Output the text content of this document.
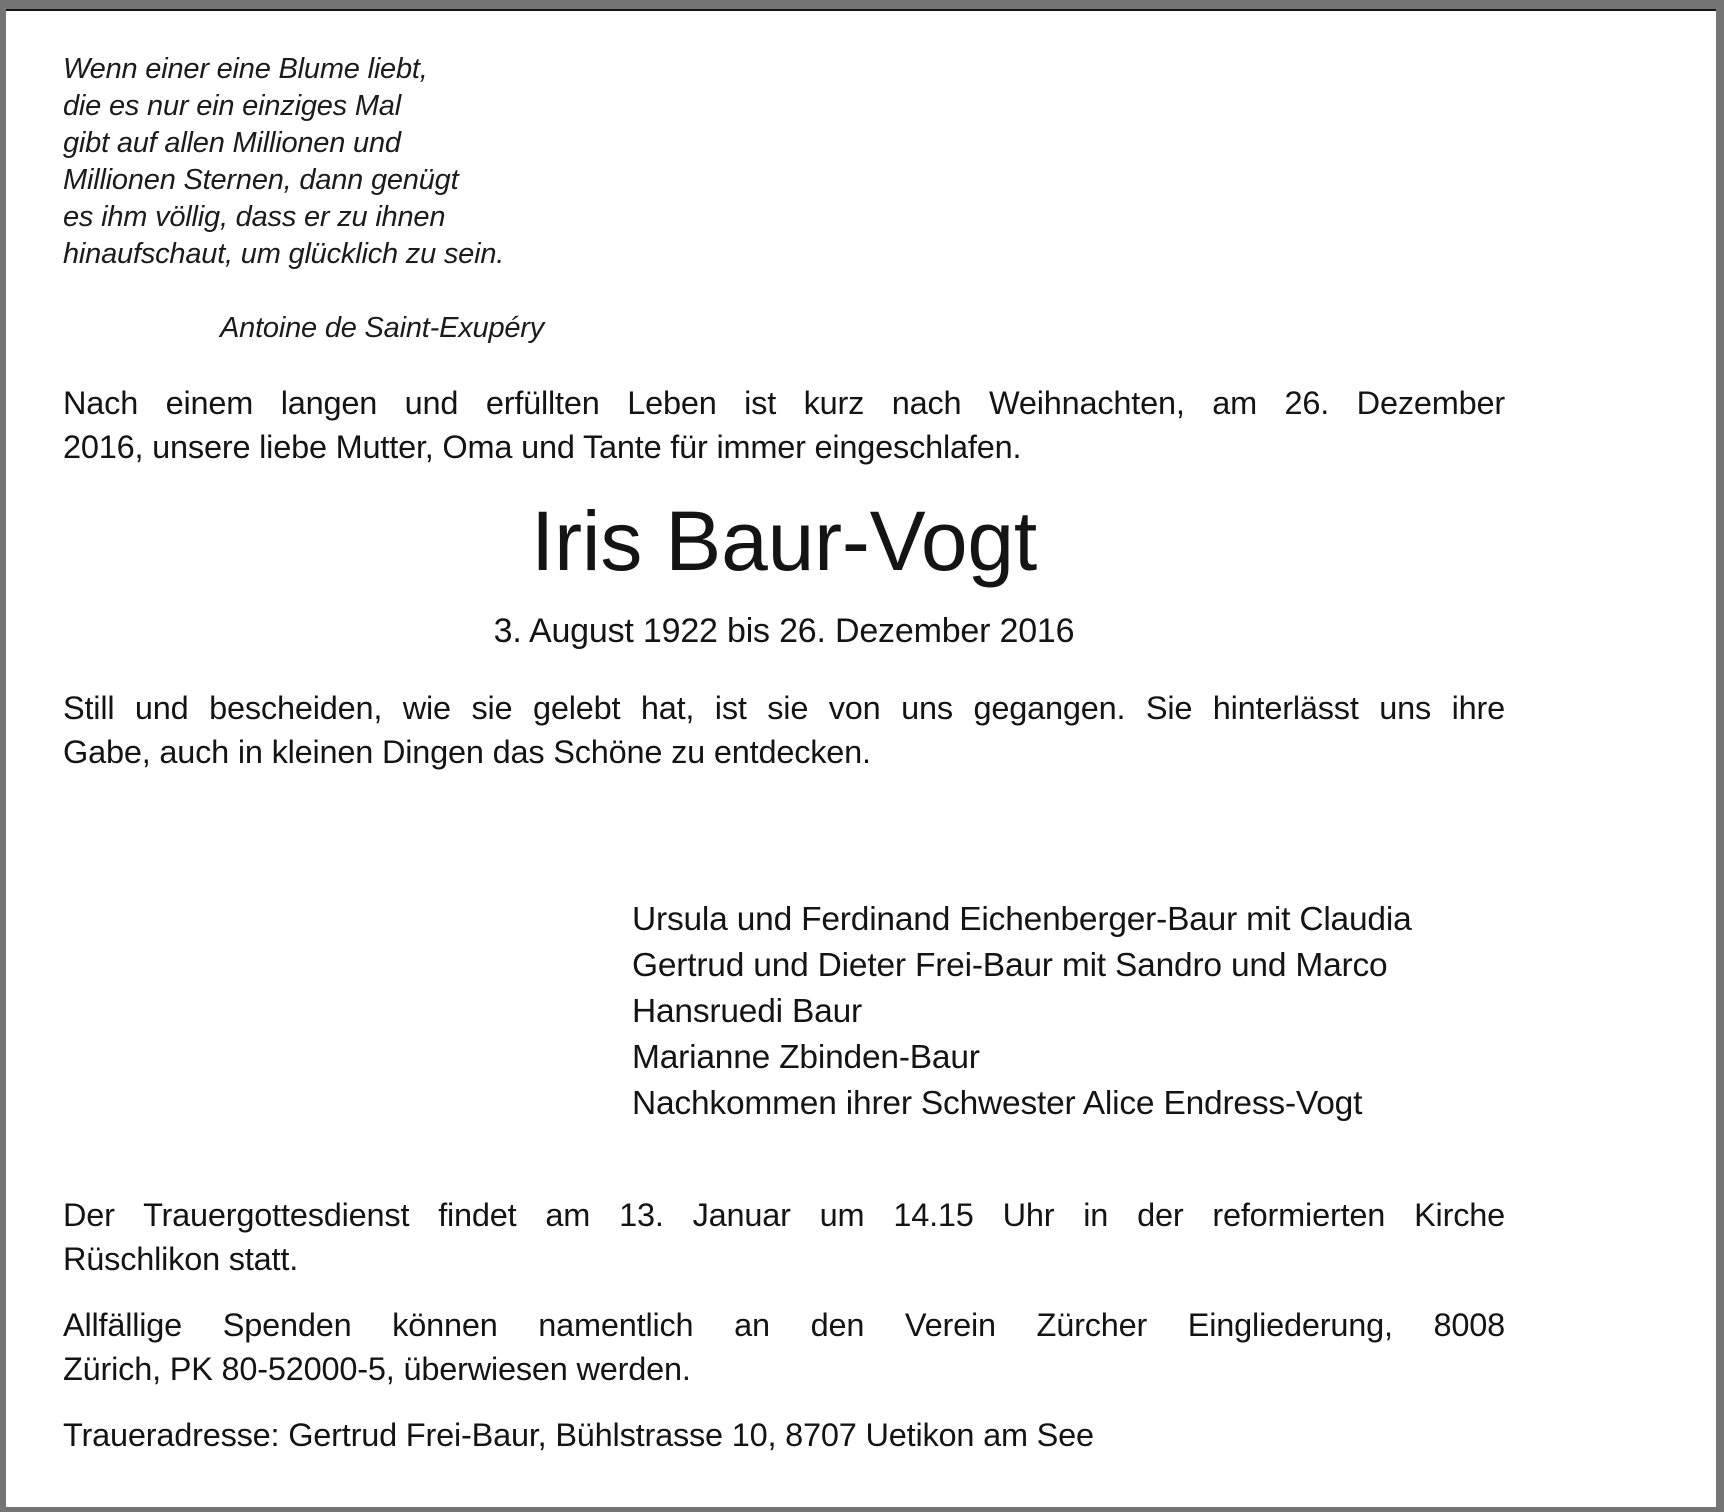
Wenn einer eine Blume liebt,
die es nur ein einziges Mal
gibt auf allen Millionen und
Millionen Sternen, dann genügt
es ihm völlig, dass er zu ihnen
hinaufschaut, um glücklich zu sein.
Antoine de Saint-Exupéry
Nach einem langen und erfüllten Leben ist kurz nach Weihnachten, am 26. Dezember
2016, unsere liebe Mutter, Oma und Tante für immer eingeschlafen.
Iris Baur-Vogt
3. August 1922 bis 26. Dezember 2016
Still und bescheiden, wie sie gelebt hat, ist sie von uns gegangen. Sie hinterlässt uns ihre
Gabe, auch in kleinen Dingen das Schöne zu entdecken.
Ursula und Ferdinand Eichenberger-Baur mit Claudia
Gertrud und Dieter Frei-Baur mit Sandro und Marco
Hansruedi Baur
Marianne Zbinden-Baur
Nachkommen ihrer Schwester Alice Endress-Vogt
Der Trauergottesdienst findet am 13. Januar um 14.15 Uhr in der reformierten Kirche
Rüschlikon statt.
Allfällige Spenden können namentlich an den Verein Zürcher Eingliederung, 8008
Zürich, PK 80-52000-5, überwiesen werden.
Traueradresse: Gertrud Frei-Baur, Bühlstrasse 10, 8707 Uetikon am See
